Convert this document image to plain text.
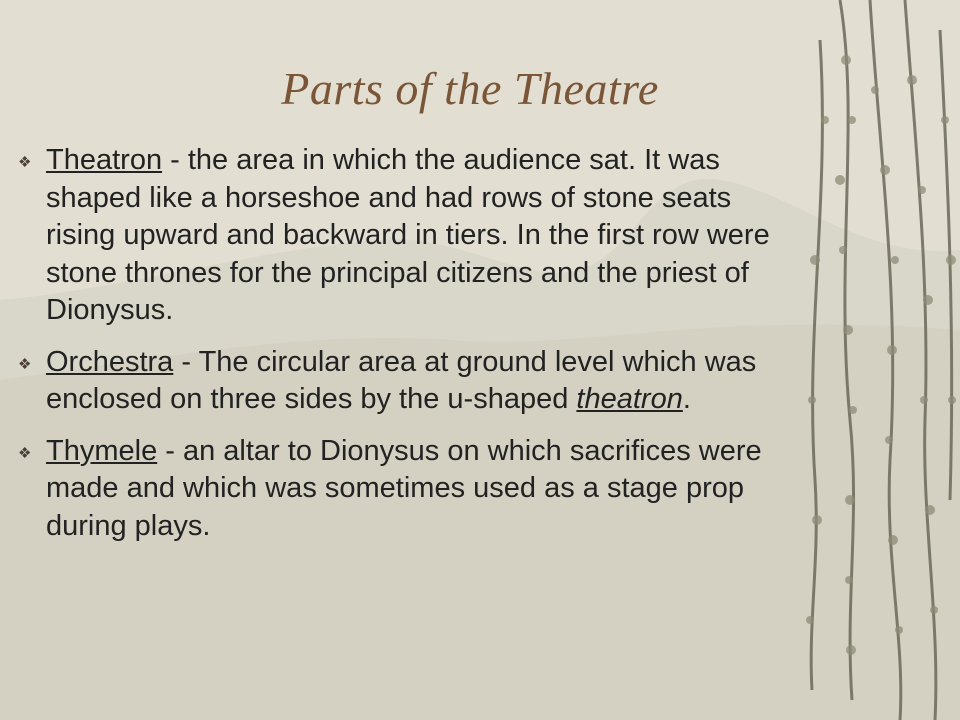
Parts of the Theatre
❖ Theatron - the area in which the audience sat. It was shaped like a horseshoe and had rows of stone seats rising upward and backward in tiers. In the first row were stone thrones for the principal citizens and the priest of Dionysus.
❖ Orchestra - The circular area at ground level which was enclosed on three sides by the u-shaped theatron.
❖ Thymele - an altar to Dionysus on which sacrifices were made and which was sometimes used as a stage prop during plays.
